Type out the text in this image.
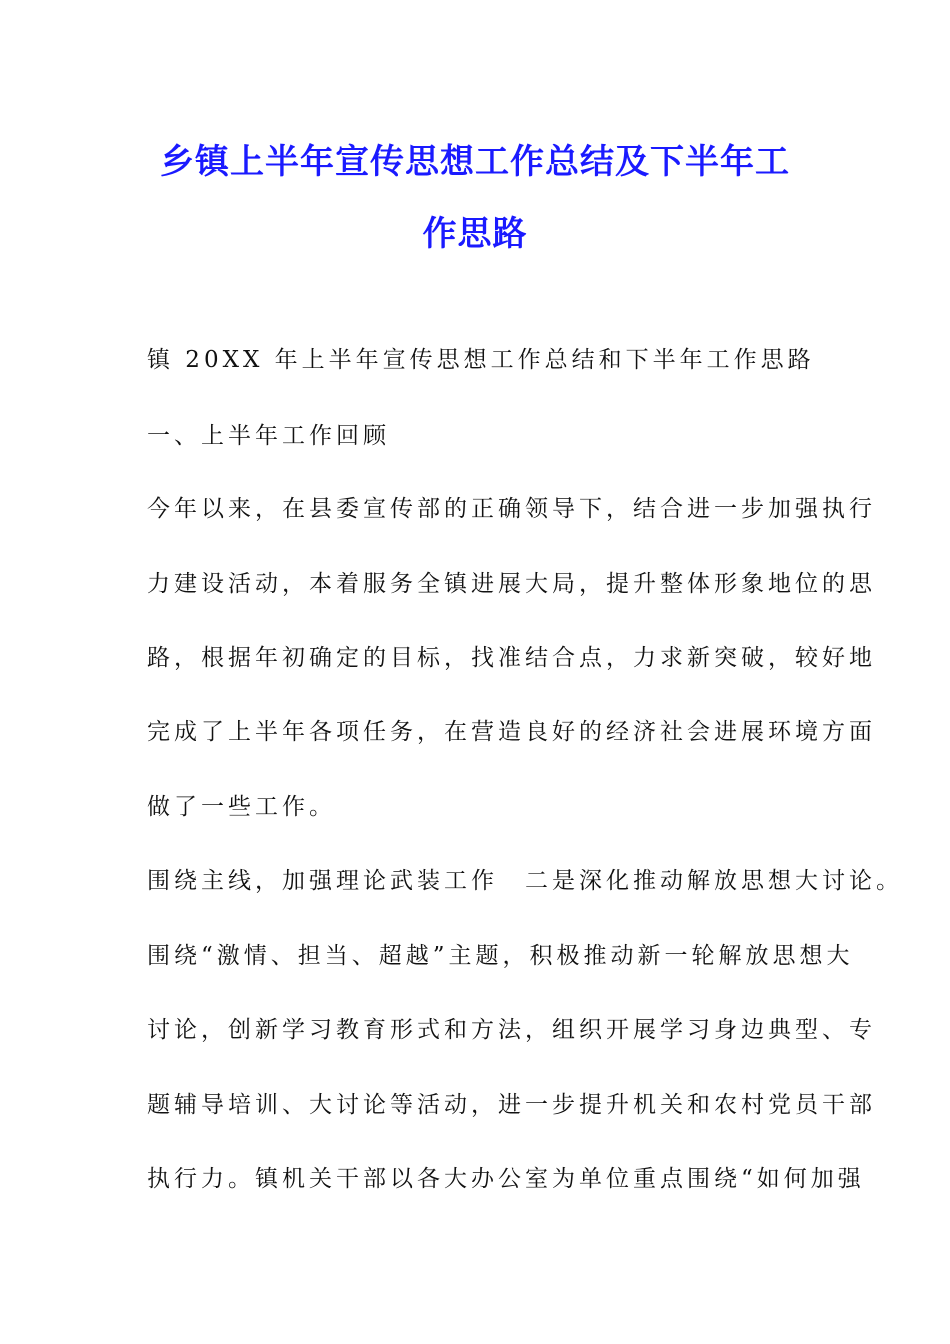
乡镇上半年宣传思想工作总结及下半年工
作思路

镇 20XX 年上半年宣传思想工作总结和下半年工作思路

一、上半年工作回顾

今年以来，在县委宣传部的正确领导下，结合进一步加强执行

力建设活动，本着服务全镇进展大局，提升整体形象地位的思

路，根据年初确定的目标，找准结合点，力求新突破，较好地

完成了上半年各项任务，在营造良好的经济社会进展环境方面

做了一些工作。

围绕主线，加强理论武装工作　二是深化推动解放思想大讨论。

围绕“激情、担当、超越”主题，积极推动新一轮解放思想大

讨论，创新学习教育形式和方法，组织开展学习身边典型、专

题辅导培训、大讨论等活动，进一步提升机关和农村党员干部

执行力。镇机关干部以各大办公室为单位重点围绕“如何加强
